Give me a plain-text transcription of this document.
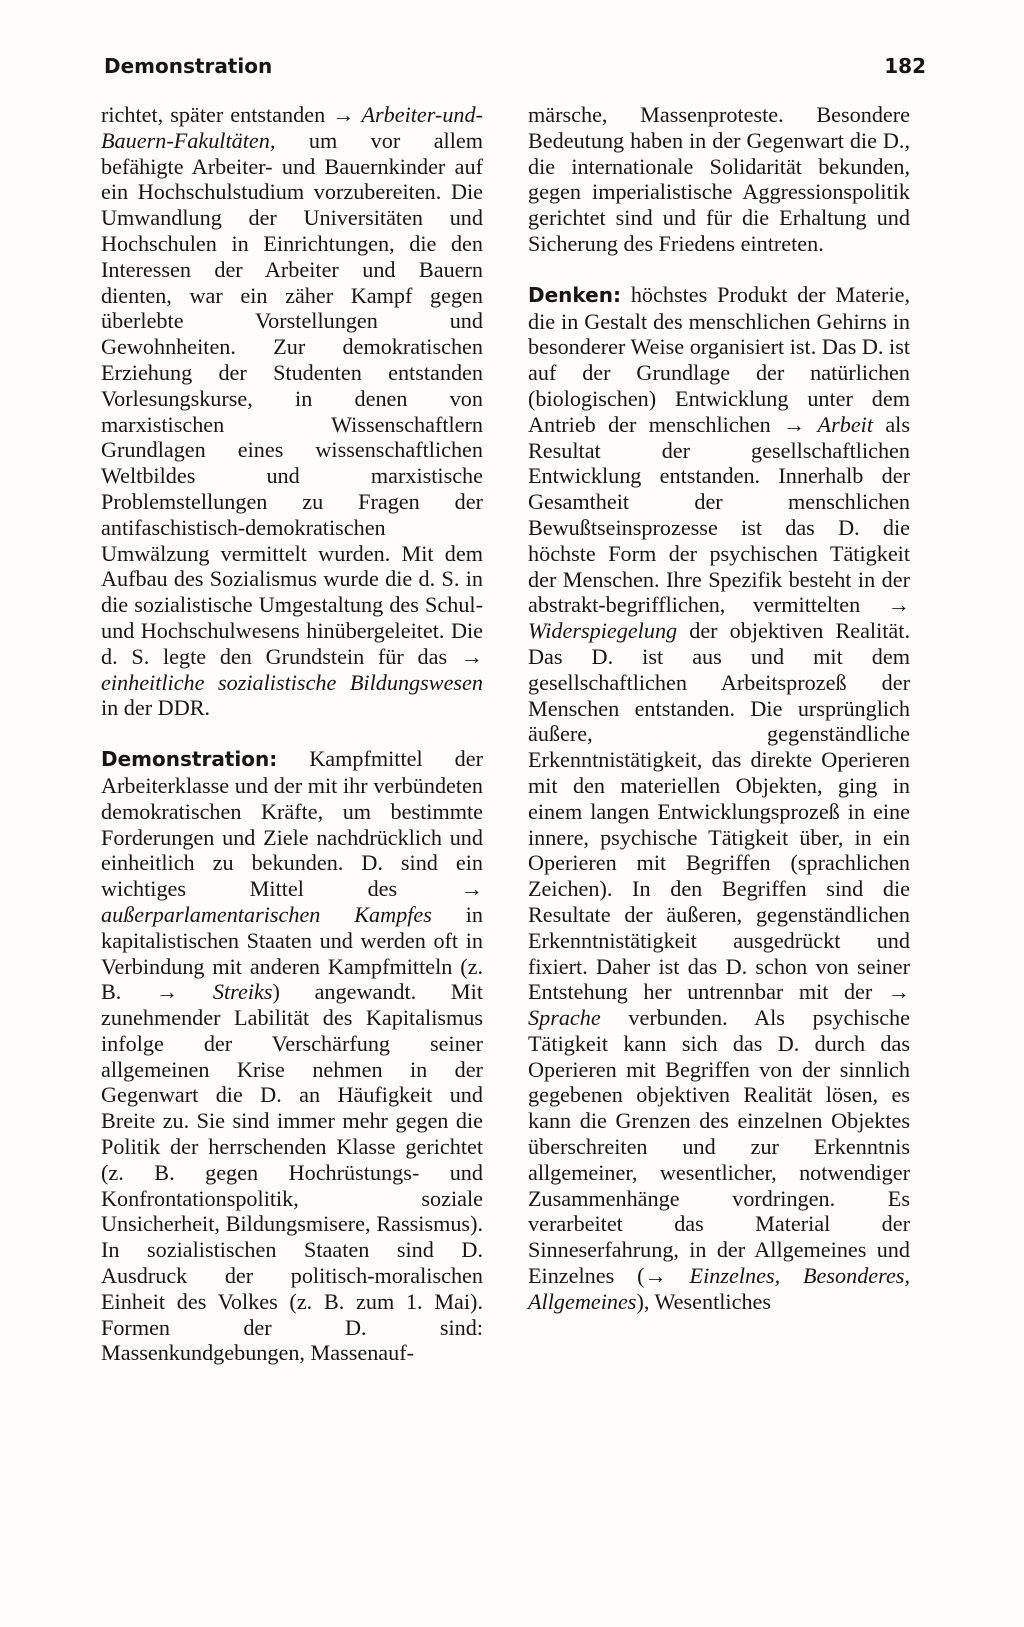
Demonstration	182

richtet, später entstanden → Arbeiter-und-Bauern-Fakultäten, um vor allem befähigte Arbeiter- und Bauernkinder auf ein Hochschulstudium vorzubereiten. Die Umwandlung der Universitäten und Hochschulen in Einrichtungen, die den Interessen der Arbeiter und Bauern dienten, war ein zäher Kampf gegen überlebte Vorstellungen und Gewohnheiten. Zur demokratischen Erziehung der Studenten entstanden Vorlesungskurse, in denen von marxistischen Wissenschaftlern Grundlagen eines wissenschaftlichen Weltbildes und marxistische Problemstellungen zu Fragen der antifaschistisch-demokratischen Umwälzung vermittelt wurden. Mit dem Aufbau des Sozialismus wurde die d. S. in die sozialistische Umgestaltung des Schul- und Hochschulwesens hinübergeleitet. Die d. S. legte den Grundstein für das → einheitliche sozialistische Bildungswesen in der DDR.

Demonstration: Kampfmittel der Arbeiterklasse und der mit ihr verbündeten demokratischen Kräfte, um bestimmte Forderungen und Ziele nachdrücklich und einheitlich zu bekunden. D. sind ein wichtiges Mittel des → außerparlamentarischen Kampfes in kapitalistischen Staaten und werden oft in Verbindung mit anderen Kampfmitteln (z. B. → Streiks) angewandt. Mit zunehmender Labilität des Kapitalismus infolge der Verschärfung seiner allgemeinen Krise nehmen in der Gegenwart die D. an Häufigkeit und Breite zu. Sie sind immer mehr gegen die Politik der herrschenden Klasse gerichtet (z. B. gegen Hochrüstungs- und Konfrontationspolitik, soziale Unsicherheit, Bildungsmisere, Rassismus). In sozialistischen Staaten sind D. Ausdruck der politisch-moralischen Einheit des Volkes (z. B. zum 1. Mai). Formen der D. sind: Massenkundgebungen, Massenauf-

märsche, Massenproteste. Besondere Bedeutung haben in der Gegenwart die D., die internationale Solidarität bekunden, gegen imperialistische Aggressionspolitik gerichtet sind und für die Erhaltung und Sicherung des Friedens eintreten.

Denken: höchstes Produkt der Materie, die in Gestalt des menschlichen Gehirns in besonderer Weise organisiert ist. Das D. ist auf der Grundlage der natürlichen (biologischen) Entwicklung unter dem Antrieb der menschlichen → Arbeit als Resultat der gesellschaftlichen Entwicklung entstanden. Innerhalb der Gesamtheit der menschlichen Bewußtseinsprozesse ist das D. die höchste Form der psychischen Tätigkeit der Menschen. Ihre Spezifik besteht in der abstrakt-begrifflichen, vermittelten → Widerspiegelung der objektiven Realität. Das D. ist aus und mit dem gesellschaftlichen Arbeitsprozeß der Menschen entstanden. Die ursprünglich äußere, gegenständliche Erkenntnistätigkeit, das direkte Operieren mit den materiellen Objekten, ging in einem langen Entwicklungsprozeß in eine innere, psychische Tätigkeit über, in ein Operieren mit Begriffen (sprachlichen Zeichen). In den Begriffen sind die Resultate der äußeren, gegenständlichen Erkenntnistätigkeit ausgedrückt und fixiert. Daher ist das D. schon von seiner Entstehung her untrennbar mit der → Sprache verbunden. Als psychische Tätigkeit kann sich das D. durch das Operieren mit Begriffen von der sinnlich gegebenen objektiven Realität lösen, es kann die Grenzen des einzelnen Objektes überschreiten und zur Erkenntnis allgemeiner, wesentlicher, notwendiger Zusammenhänge vordringen. Es verarbeitet das Material der Sinneserfahrung, in der Allgemeines und Einzelnes (→ Einzelnes, Besonderes, Allgemeines), Wesentliches
